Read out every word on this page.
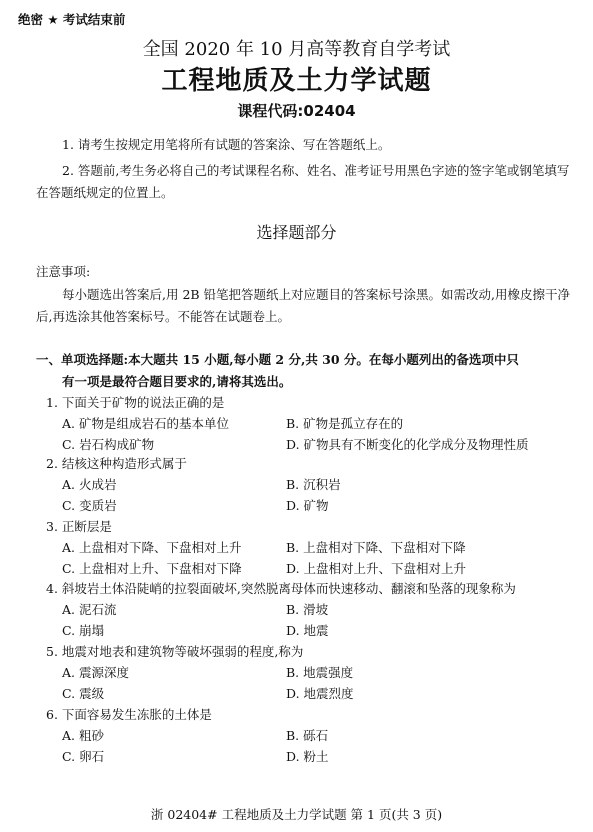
绝密 ★ 考试结束前
全国 2020 年 10 月高等教育自学考试
工程地质及土力学试题
课程代码:02404
1. 请考生按规定用笔将所有试题的答案涂、写在答题纸上。
2. 答题前,考生务必将自己的考试课程名称、姓名、准考证号用黑色字迹的签字笔或钢笔填写在答题纸规定的位置上。
选择题部分
注意事项:
每小题选出答案后,用 2B 铅笔把答题纸上对应题目的答案标号涂黑。如需改动,用橡皮擦干净后,再选涂其他答案标号。不能答在试题卷上。
一、单项选择题:本大题共 15 小题,每小题 2 分,共 30 分。在每小题列出的备选项中只
有一项是最符合题目要求的,请将其选出。
1. 下面关于矿物的说法正确的是
A. 矿物是组成岩石的基本单位	B. 矿物是孤立存在的
C. 岩石构成矿物	D. 矿物具有不断变化的化学成分及物理性质
2. 结核这种构造形式属于
A. 火成岩	B. 沉积岩
C. 变质岩	D. 矿物
3. 正断层是
A. 上盘相对下降、下盘相对上升	B. 上盘相对下降、下盘相对下降
C. 上盘相对上升、下盘相对下降	D. 上盘相对上升、下盘相对上升
4. 斜坡岩土体沿陡峭的拉裂面破坏,突然脱离母体而快速移动、翻滚和坠落的现象称为
A. 泥石流	B. 滑坡
C. 崩塌	D. 地震
5. 地震对地表和建筑物等破坏强弱的程度,称为
A. 震源深度	B. 地震强度
C. 震级	D. 地震烈度
6. 下面容易发生冻胀的土体是
A. 粗砂	B. 砾石
C. 卵石	D. 粉土
浙 02404# 工程地质及土力学试题 第 1 页(共 3 页)
